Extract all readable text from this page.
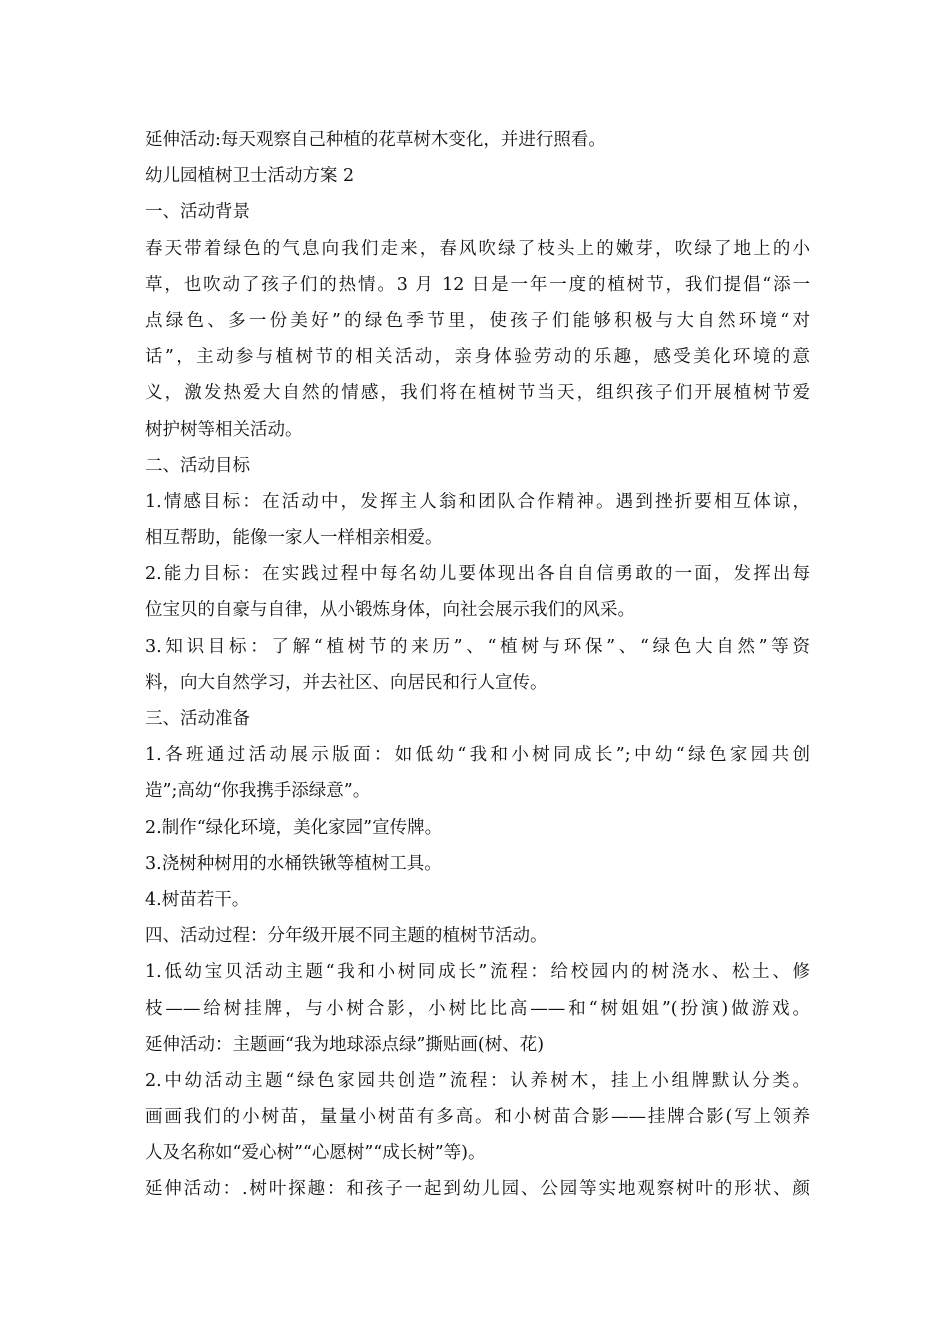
延伸活动:每天观察自己种植的花草树木变化，并进行照看。
幼儿园植树卫士活动方案 2
一、活动背景
春天带着绿色的气息向我们走来，春风吹绿了枝头上的嫩芽，吹绿了地上的小
草，也吹动了孩子们的热情。3 月 12 日是一年一度的植树节，我们提倡“添一
点绿色、多一份美好”的绿色季节里，使孩子们能够积极与大自然环境“对
话”，主动参与植树节的相关活动，亲身体验劳动的乐趣，感受美化环境的意
义，激发热爱大自然的情感，我们将在植树节当天，组织孩子们开展植树节爱
树护树等相关活动。
二、活动目标
1.情感目标：在活动中，发挥主人翁和团队合作精神。遇到挫折要相互体谅，
相互帮助，能像一家人一样相亲相爱。
2.能力目标：在实践过程中每名幼儿要体现出各自自信勇敢的一面，发挥出每
位宝贝的自豪与自律，从小锻炼身体，向社会展示我们的风采。
3.知识目标：了解“植树节的来历”、“植树与环保”、“绿色大自然”等资
料，向大自然学习，并去社区、向居民和行人宣传。
三、活动准备
1.各班通过活动展示版面：如低幼“我和小树同成长”;中幼“绿色家园共创
造”;高幼“你我携手添绿意”。
2.制作“绿化环境，美化家园”宣传牌。
3.浇树种树用的水桶铁锹等植树工具。
4.树苗若干。
四、活动过程：分年级开展不同主题的植树节活动。
1.低幼宝贝活动主题“我和小树同成长”流程：给校园内的树浇水、松土、修
枝——给树挂牌，与小树合影，小树比比高——和“树姐姐”(扮演)做游戏。
延伸活动：主题画“我为地球添点绿”撕贴画(树、花)
2.中幼活动主题“绿色家园共创造”流程：认养树木，挂上小组牌默认分类。
画画我们的小树苗，量量小树苗有多高。和小树苗合影——挂牌合影(写上领养
人及名称如“爱心树”“心愿树”“成长树”等)。
延伸活动：.树叶探趣：和孩子一起到幼儿园、公园等实地观察树叶的形状、颜
